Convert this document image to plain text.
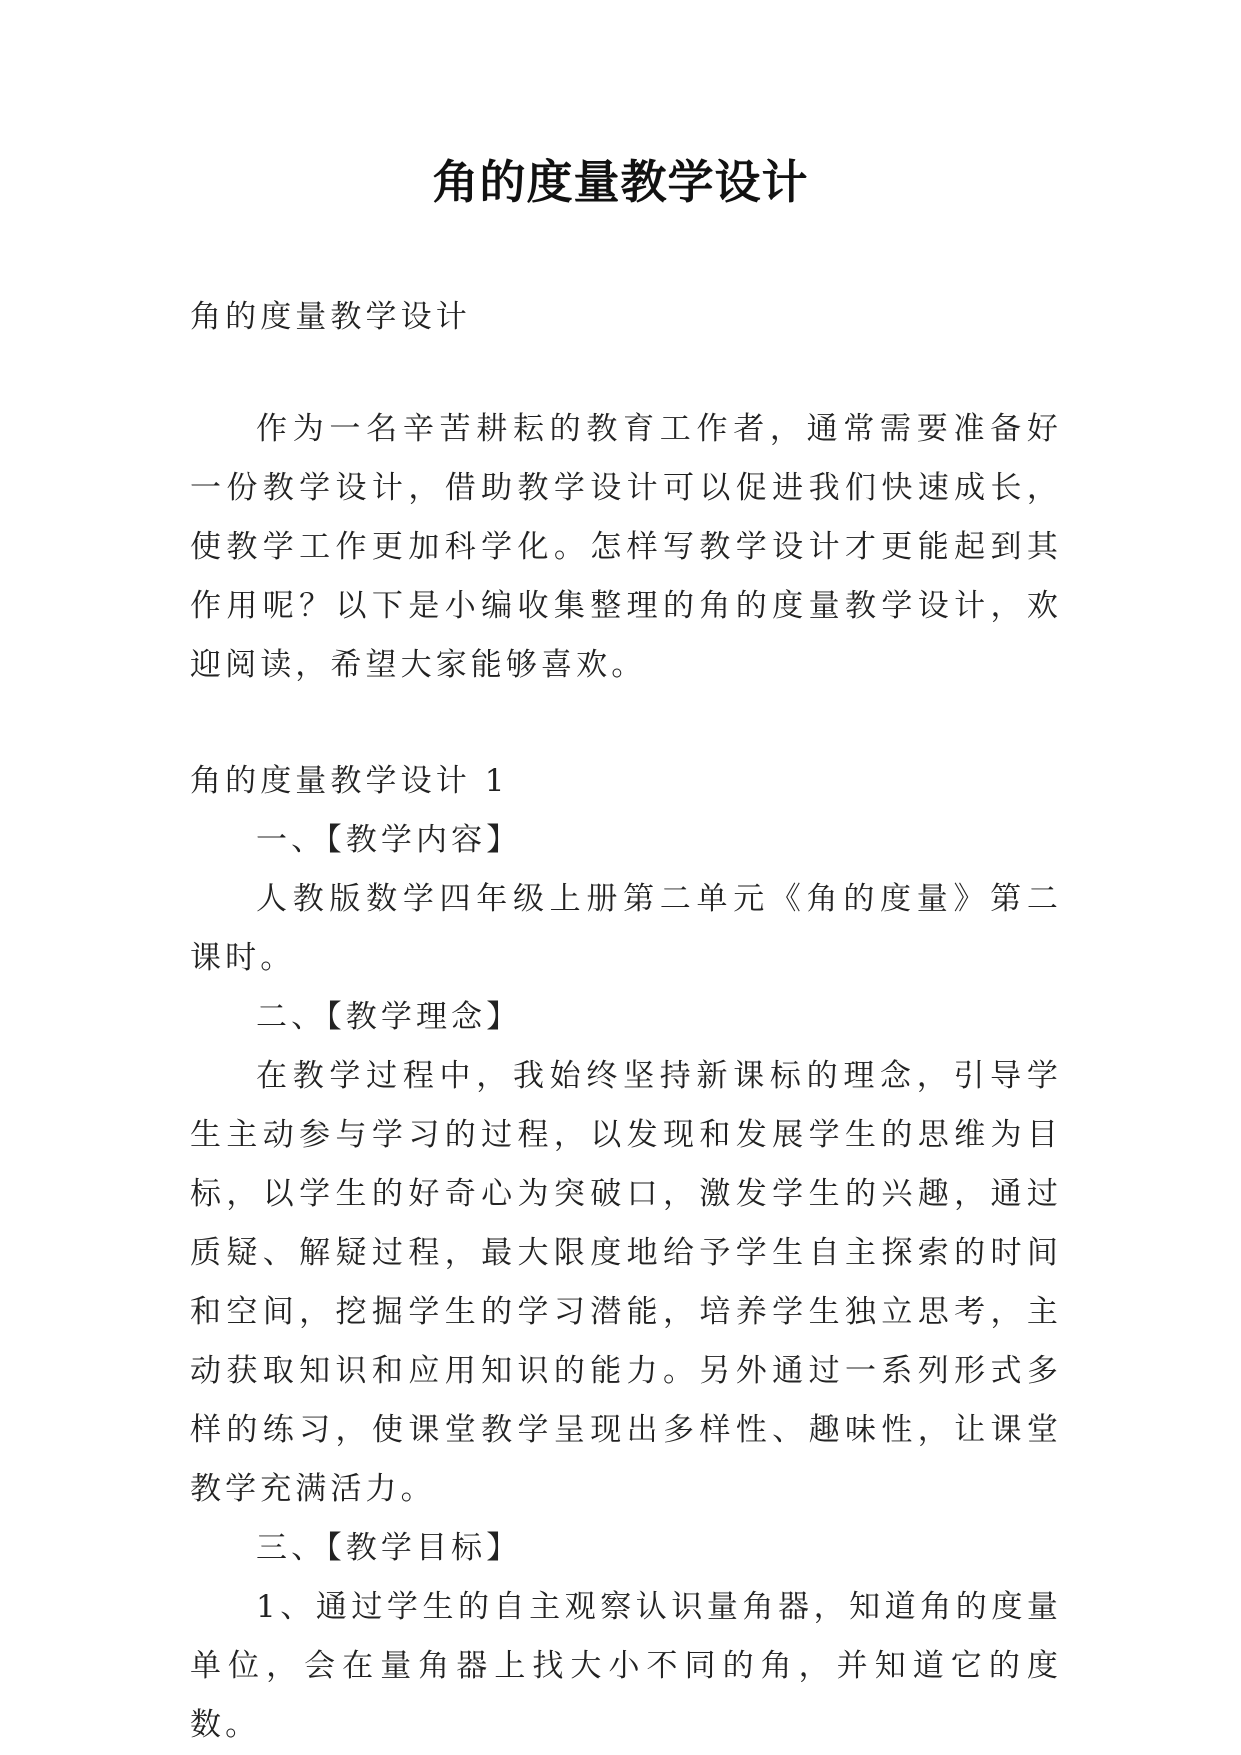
角的度量教学设计
角的度量教学设计
作为一名辛苦耕耘的教育工作者，通常需要准备好一份教学设计，借助教学设计可以促进我们快速成长，使教学工作更加科学化。怎样写教学设计才更能起到其作用呢？以下是小编收集整理的角的度量教学设计，欢迎阅读，希望大家能够喜欢。

角的度量教学设计 1

一、【教学内容】

人教版数学四年级上册第二单元《角的度量》第二课时。

二、【教学理念】

在教学过程中，我始终坚持新课标的理念，引导学生主动参与学习的过程，以发现和发展学生的思维为目标，以学生的好奇心为突破口，激发学生的兴趣，通过质疑、解疑过程，最大限度地给予学生自主探索的时间和空间，挖掘学生的学习潜能，培养学生独立思考，主动获取知识和应用知识的能力。另外通过一系列形式多样的练习，使课堂教学呈现出多样性、趣味性，让课堂教学充满活力。

三、【教学目标】

1、通过学生的自主观察认识量角器，知道角的度量单位，会在量角器上找大小不同的角，并知道它的度数。
